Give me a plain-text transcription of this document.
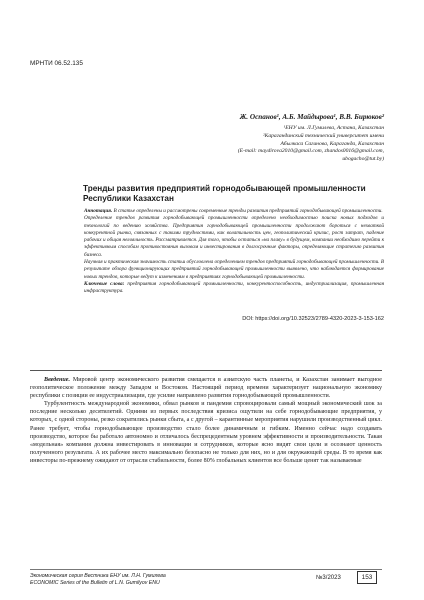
МРНТИ 06.52.135
Ж. Оспанов¹, А.Б. Майдырова¹, В.В. Бирюков²
¹ЕНУ им. Л.Гумилева, Астана, Казахстан
²Карагандинский технический университет имени
Абылкаса Сагинова, Караганда, Казахстан
(E-mail: maydirova2010@gmail.com, zhandos0016@gmail.com,
ubogacho@tut.by)
Тренды развития предприятий горнодобывающей промышленности Республики Казахстан

Аннотация. В статье определены и рассмотрены современные тренды развития предприятий горнодобывающей промышленности.

Определение трендов развития горнодобывающей промышленности определено необходимостью поиска новых подходов и технологий по ведению хозяйства. Предприятия горнодобывающей промышленности продолжают бороться с нехваткой конкурентной рынка, связанных с такими трудностями, как волатильность цен, геополитический кризис, рост затрат, падение рабочих и общая нелояльность. Рассматривается. Для того, чтобы остаться «на плаву» в будущем, компании необходимо перейти к эффективным способам противостояния вызовам и инвестирования в долгосрочные факторы, определяющие стратегию развития бизнеса.

Научная и практическая значимость статьи обусловлена определением трендов предприятий горнодобывающей промышленности. В результате обзора функционирующих предприятий горнодобывающей промышленности выявлено, что наблюдается формирование новых трендов, которые ведут к изменениям в предприятиях горнодобывающей промышленности.

Ключевые слова: предприятия горнодобывающей промышленности, конкурентоспособность, индустриализация, промышленная инфраструктура.

DOI: https://doi.org/10.32523/2789-4320-2023-3-153-162

Введение. Мировой центр экономического развития смещается в азиатскую часть планеты, и Казахстан занимает выгодное геополитическое положение между Западом и Востоком. Настоящий период времени характеризует национальную экономику республики с позиции ее индустриализации, где усилие направлено развития горнодобывающей промышленности.

Турбулентность международной экономики, обвал рынков и пандемия спровоцировали самый мощный экономический шок за последние несколько десятилетий. Одними из первых последствия кризиса ощутили на себе горнодобывающие предприятия, у которых, с одной стороны, резко сократились рынки сбыта, а с другой – карантинные мероприятия нарушили производственный цикл. Ранее требует, чтобы горнодобывающее производство стало более динамичным и гибким. Именно сейчас надо создавать производство, которое бы работало автономно и отличалось беспрецедентным уровнем эффективности и производительности. Такая «модельная» компания должна инвестировать в инновации и сотрудников, которые ясно видят свои цели и осознают ценность полученного результата. А их рабочее место максимально безопасно не только для них, но и для окружающей среды. В то время как инвесторы по-прежнему ожидают от отрасли стабильности, более 80% глобальных клиентов все больше ценят так называемые

Экономическая серия Вестника ЕНУ им. Л.Н. Гумилева
ECONOMIC Series of the Bulletin of L.N. Gumilyov ENU
№3/2023	153
